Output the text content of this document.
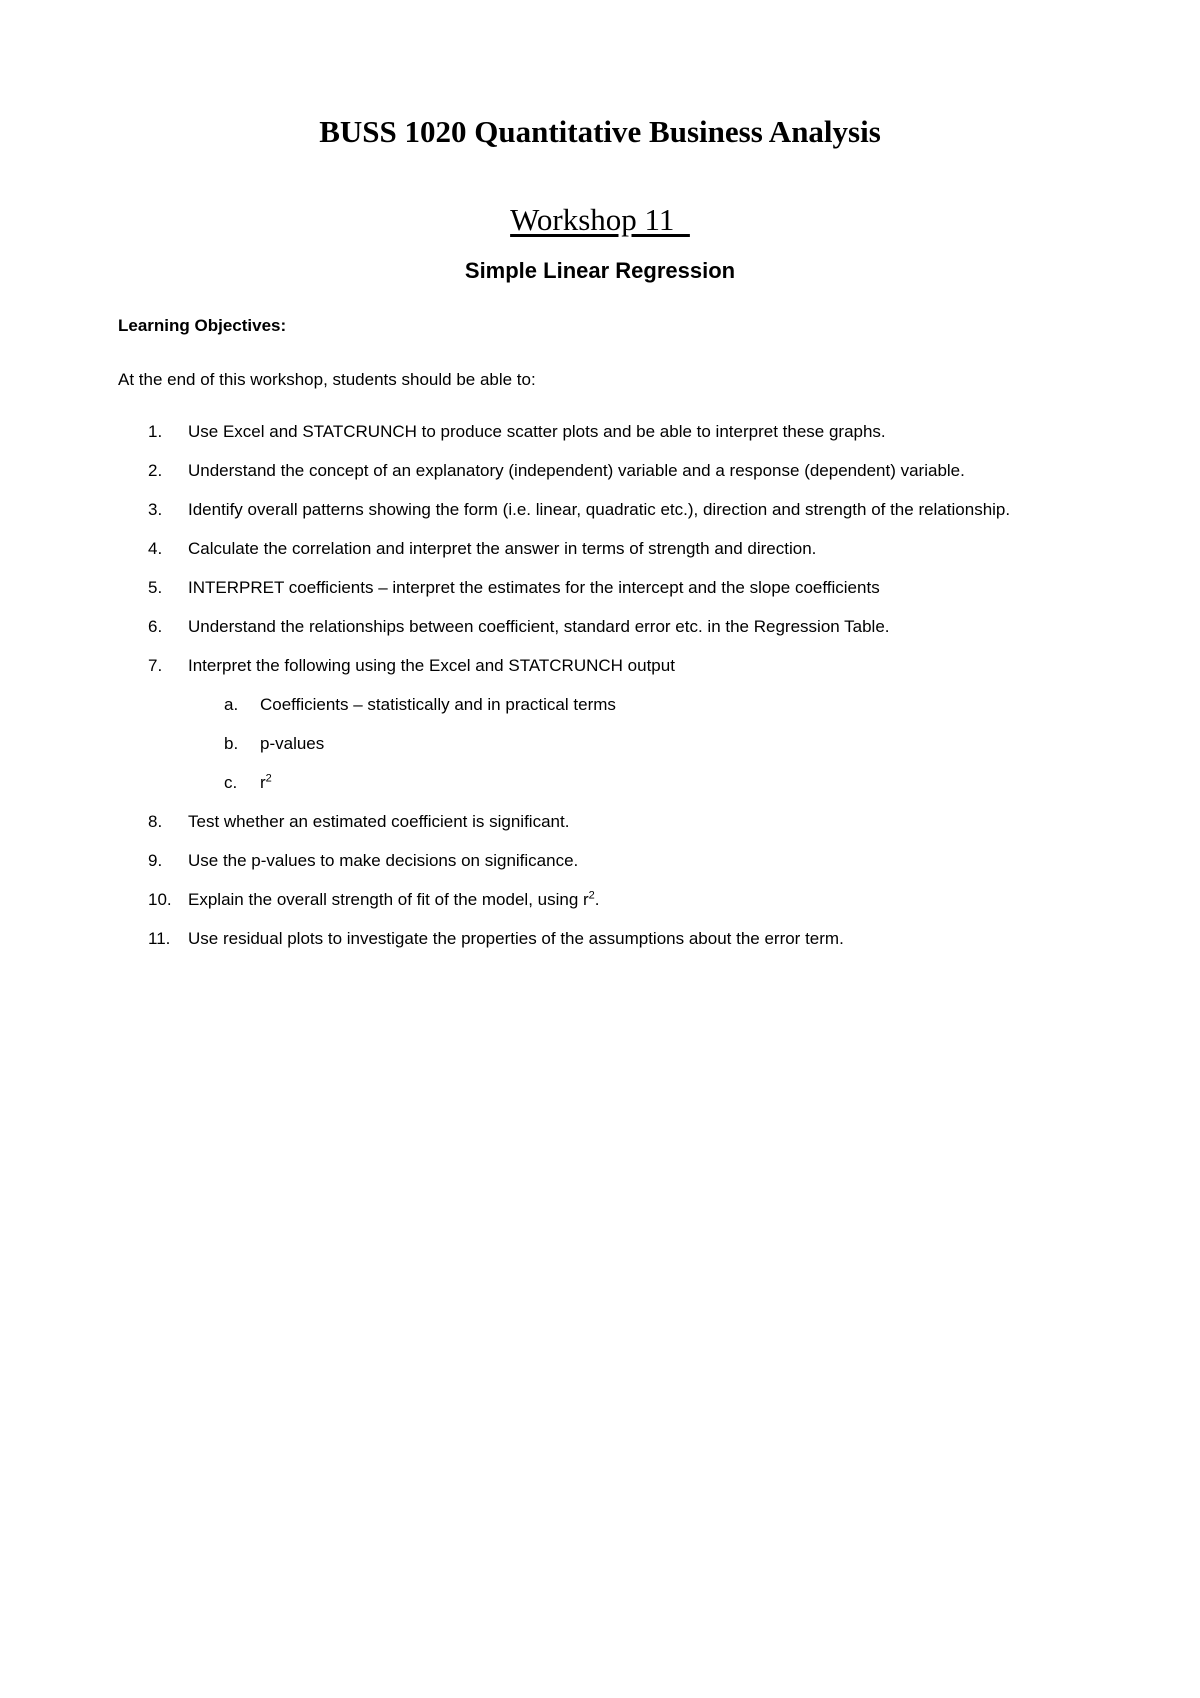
BUSS 1020 Quantitative Business Analysis
Workshop 11
Simple Linear Regression
Learning Objectives:
At the end of this workshop, students should be able to:
1. Use Excel and STATCRUNCH to produce scatter plots and be able to interpret these graphs.
2. Understand the concept of an explanatory (independent) variable and a response (dependent) variable.
3. Identify overall patterns showing the form (i.e. linear, quadratic etc.), direction and strength of the relationship.
4. Calculate the correlation and interpret the answer in terms of strength and direction.
5. INTERPRET coefficients – interpret the estimates for the intercept and the slope coefficients
6. Understand the relationships between coefficient, standard error etc. in the Regression Table.
7. Interpret the following using the Excel and STATCRUNCH output
a. Coefficients – statistically and in practical terms
b. p-values
c. $r^2$
8. Test whether an estimated coefficient is significant.
9. Use the p-values to make decisions on significance.
10. Explain the overall strength of fit of the model, using $r^2$.
11. Use residual plots to investigate the properties of the assumptions about the error term.
